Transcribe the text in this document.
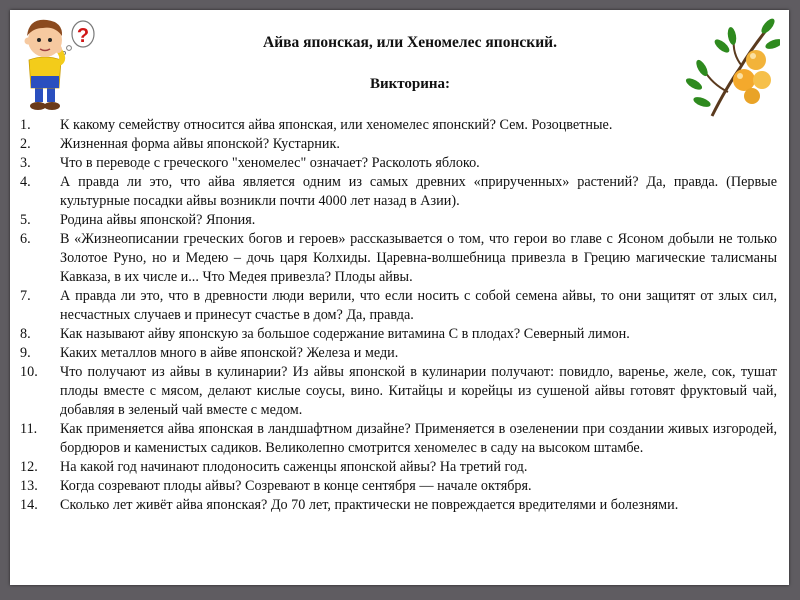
?	Айва японская, или Хеномелес японский.
Викторина:
1.	К какому семейству относится айва японская, или хеномелес японский? Сем. Розоцветные.
2.	Жизненная форма айвы японской? Кустарник.
3.	Что в переводе с греческого "хеномелес" означает? Расколоть яблоко.
4.	А правда ли это, что айва является одним из самых древних «прирученных» растений? Да, правда. (Первые культурные посадки айвы возникли почти 4000 лет назад в Азии).
5.	Родина айвы японской? Япония.
6.	В «Жизнеописании греческих богов и героев» рассказывается о том, что герои во главе с Ясоном добыли не только Золотое Руно, но и Медею – дочь царя Колхиды. Царевна-волшебница привезла в Грецию магические талисманы Кавказа, в их числе и... Что Медея привезла? Плоды айвы.
7.	А правда ли это, что в древности люди верили, что если носить с собой семена айвы, то они защитят от злых сил, несчастных случаев и принесут счастье в дом? Да, правда.
8.	Как называют айву японскую за большое содержание витамина С в плодах? Северный лимон.
9.	Каких металлов много в айве японской? Железа и меди.
10.	Что получают из айвы в кулинарии? Из айвы японской в кулинарии получают: повидло, варенье, желе, сок, тушат плоды вместе с мясом, делают кислые соусы, вино. Китайцы и корейцы из сушеной айвы готовят фруктовый чай, добавляя в зеленый чай вместе с медом.
11.	Как применяется айва японская в ландшафтном дизайне? Применяется в озеленении при создании живых изгородей, бордюров и каменистых садиков. Великолепно смотрится хеномелес в саду на высоком штамбе.
12.	На какой год начинают плодоносить саженцы японской айвы? На третий год.
13.	Когда созревают плоды айвы? Созревают в конце сентября — начале октября.
14.	Сколько лет живёт айва японская? До 70 лет, практически не повреждается вредителями и болезнями.
